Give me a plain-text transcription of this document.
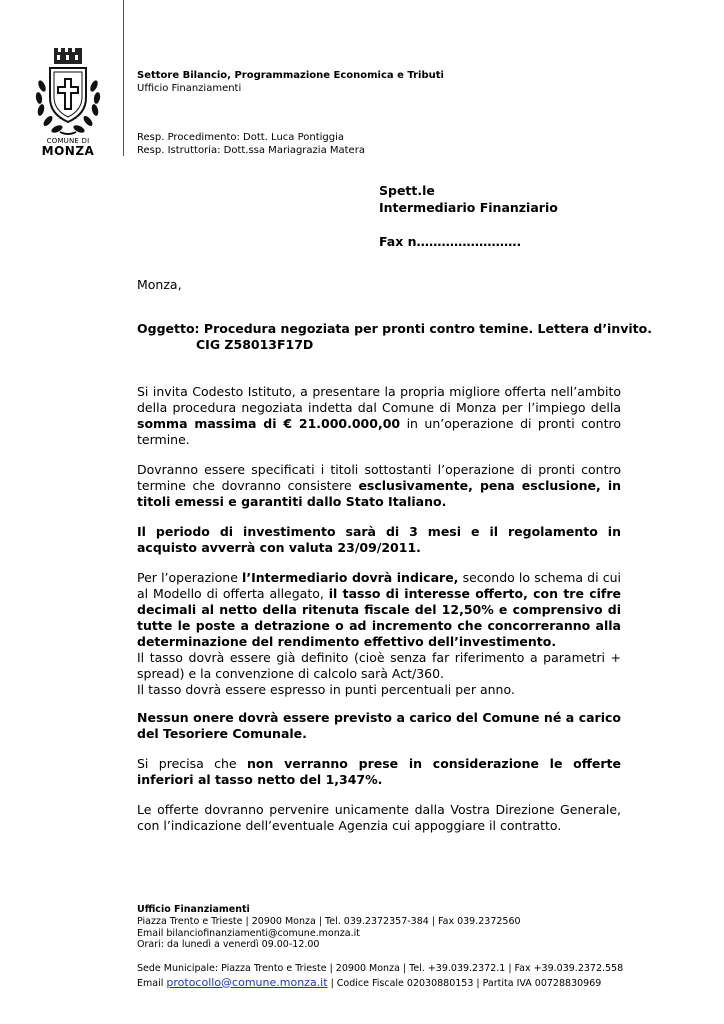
COMUNE DI
MONZA
Settore Bilancio, Programmazione Economica e Tributi
Ufficio Finanziamenti
Resp. Procedimento: Dott. Luca Pontiggia
Resp. Istruttoria: Dott.ssa Mariagrazia Matera
Spett.le
Intermediario Finanziario
Fax n…………………….
Monza,
Oggetto: Procedura negoziata per pronti contro temine. Lettera d’invito.
CIG Z58013F17D
Si invita Codesto Istituto, a presentare la propria migliore offerta nell’ambito della procedura negoziata indetta dal Comune di Monza per l’impiego della somma massima di € 21.000.000,00 in un’operazione di pronti contro termine.
Dovranno essere specificati i titoli sottostanti l’operazione di pronti contro termine che dovranno consistere esclusivamente, pena esclusione, in titoli emessi e garantiti dallo Stato Italiano.
Il periodo di investimento sarà di 3 mesi e il regolamento in acquisto avverrà con valuta 23/09/2011.
Per l’operazione l’Intermediario dovrà indicare, secondo lo schema di cui al Modello di offerta allegato, il tasso di interesse offerto, con tre cifre decimali al netto della ritenuta fiscale del 12,50% e comprensivo di tutte le poste a detrazione o ad incremento che concorreranno alla determinazione del rendimento effettivo dell’investimento.
Il tasso dovrà essere già definito (cioè senza far riferimento a parametri + spread) e la convenzione di calcolo sarà Act/360.
Il tasso dovrà essere espresso in punti percentuali per anno.
Nessun onere dovrà essere previsto a carico del Comune né a carico del Tesoriere Comunale.
Si precisa che non verranno prese in considerazione le offerte inferiori al tasso netto del 1,347%.
Le offerte dovranno pervenire unicamente dalla Vostra Direzione Generale, con l’indicazione dell’eventuale Agenzia cui appoggiare il contratto.
Ufficio Finanziamenti
Piazza Trento e Trieste | 20900 Monza | Tel. 039.2372357-384 | Fax 039.2372560
Email bilanciofinanziamenti@comune.monza.it
Orari: da lunedì a venerdì 09.00-12.00
Sede Municipale: Piazza Trento e Trieste | 20900 Monza | Tel. +39.039.2372.1 | Fax +39.039.2372.558
Email protocollo@comune.monza.it | Codice Fiscale 02030880153 | Partita IVA 00728830969
